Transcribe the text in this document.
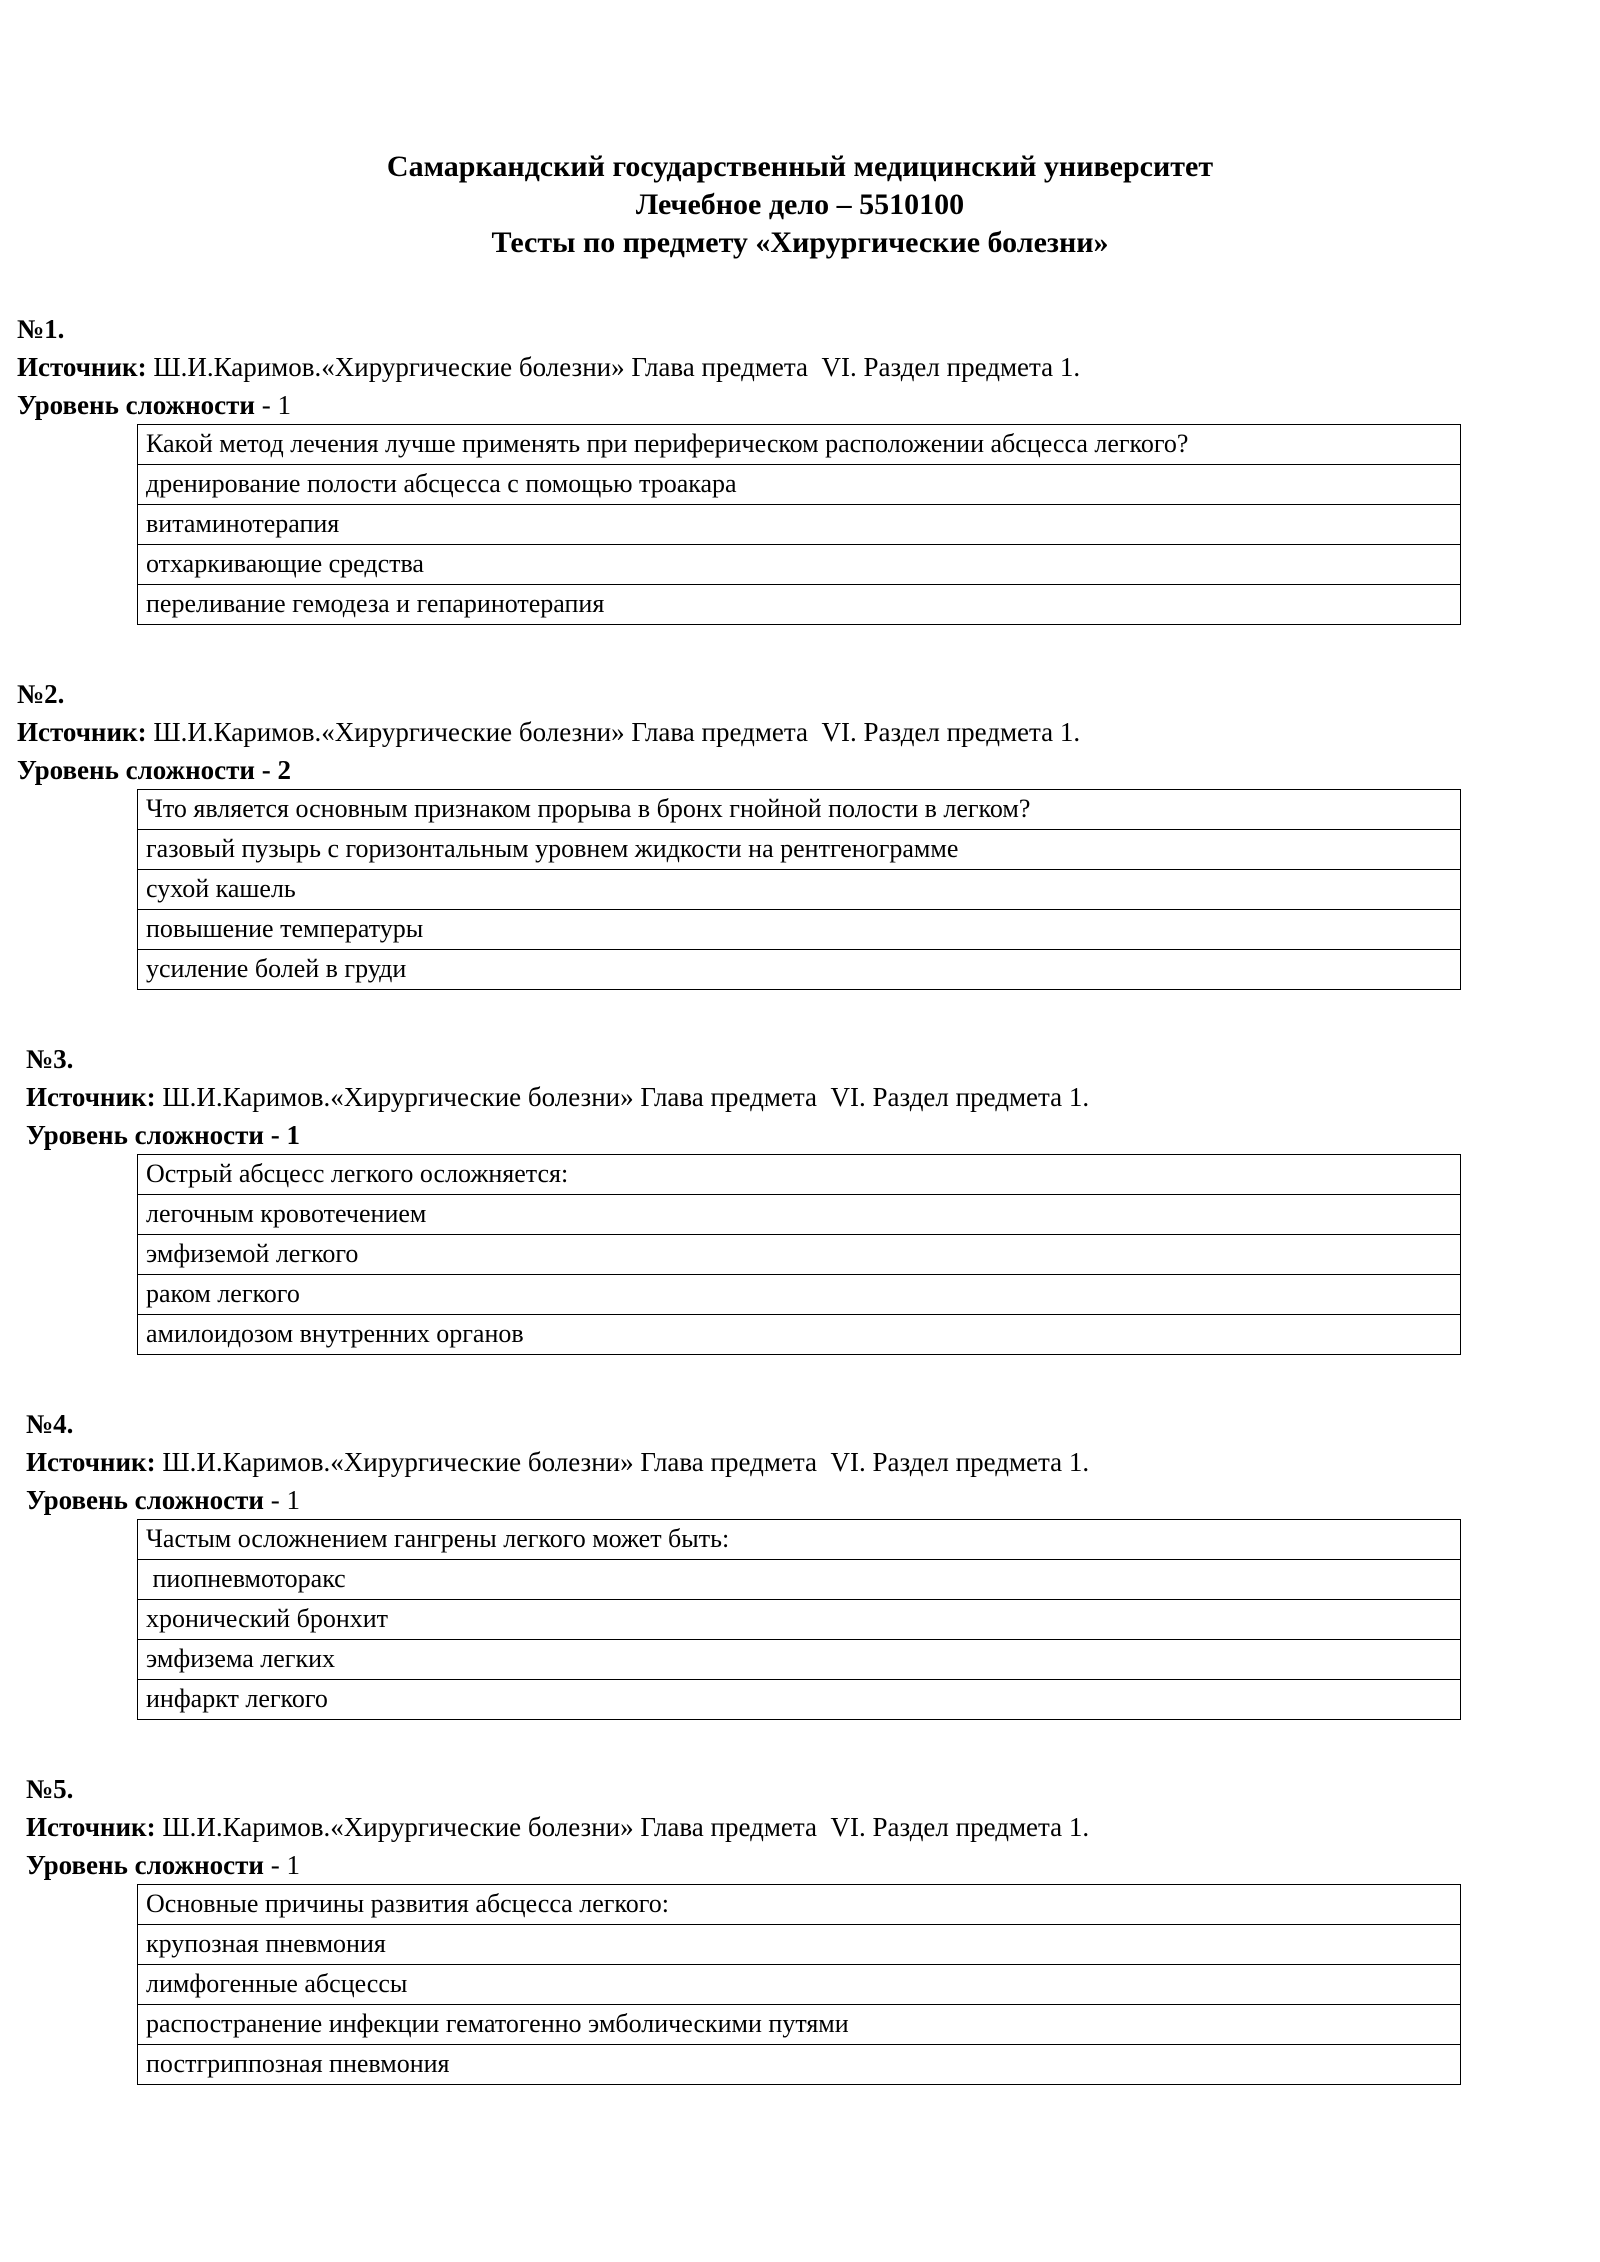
Самаркандский государственный медицинский университет
Лечебное дело – 5510100
Тесты по предмету «Хирургические болезни»
№1.
Источник: Ш.И.Каримов.«Хирургические болезни» Глава предмета  VI. Раздел предмета 1.
Уровень сложности - 1
Какой метод лечения лучше применять при периферическом расположении абсцесса легкого?
дренирование полости абсцесса с помощью троакара
витаминотерапия
отхаркивающие средства
переливание гемодеза и гепаринотерапия
№2.
Источник: Ш.И.Каримов.«Хирургические болезни» Глава предмета  VI. Раздел предмета 1.
Уровень сложности - 2
Что является основным признаком прорыва в бронх гнойной полости в легком?
газовый пузырь с горизонтальным уровнем жидкости на рентгенограмме
сухой кашель
повышение температуры
усиление болей в груди
№3.
Источник: Ш.И.Каримов.«Хирургические болезни» Глава предмета  VI. Раздел предмета 1.
Уровень сложности - 1
Острый абсцесс легкого осложняется:
легочным кровотечением
эмфиземой легкого
раком легкого
амилоидозом внутренних органов
№4.
Источник: Ш.И.Каримов.«Хирургические болезни» Глава предмета  VI. Раздел предмета 1.
Уровень сложности - 1
Частым осложнением гангрены легкого может быть:
пиопневмоторакс
хронический бронхит
эмфизема легких
инфаркт легкого
№5.
Источник: Ш.И.Каримов.«Хирургические болезни» Глава предмета  VI. Раздел предмета 1.
Уровень сложности - 1
Основные причины развития абсцесса легкого:
крупозная пневмония
лимфогенные абсцессы
распостранение инфекции гематогенно эмболическими путями
постгриппозная пневмония
